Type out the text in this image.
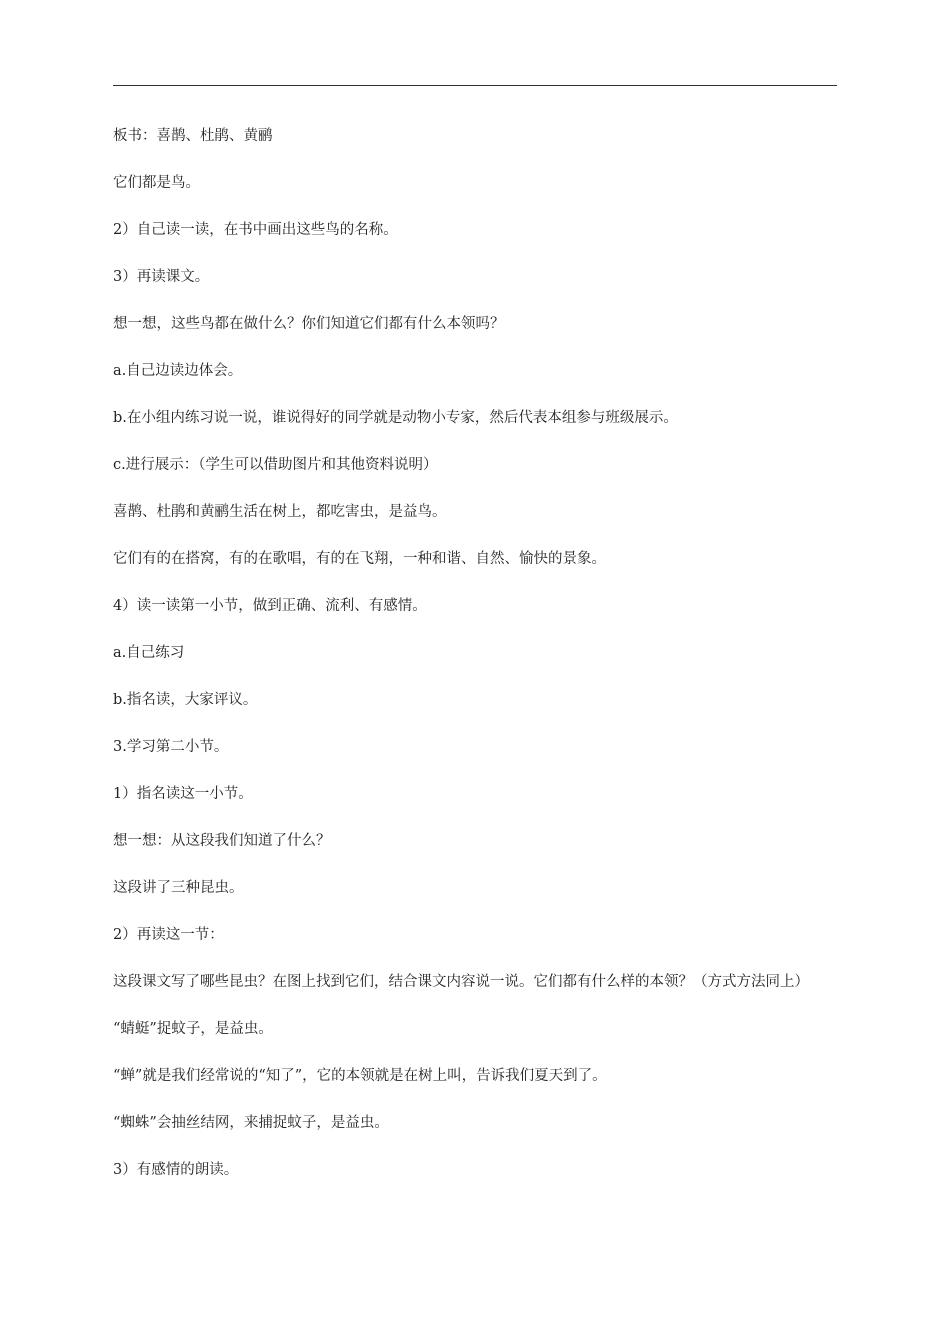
板书：喜鹊、杜鹃、黄鹂

它们都是鸟。

2）自己读一读，在书中画出这些鸟的名称。

3）再读课文。

想一想，这些鸟都在做什么？你们知道它们都有什么本领吗？

a.自己边读边体会。

b.在小组内练习说一说，谁说得好的同学就是动物小专家，然后代表本组参与班级展示。

c.进行展示：（学生可以借助图片和其他资料说明）

喜鹊、杜鹃和黄鹂生活在树上，都吃害虫，是益鸟。

它们有的在搭窝，有的在歌唱，有的在飞翔，一种和谐、自然、愉快的景象。

4）读一读第一小节，做到正确、流利、有感情。

a.自己练习

b.指名读，大家评议。

3.学习第二小节。

1）指名读这一小节。

想一想：从这段我们知道了什么？

这段讲了三种昆虫。

2）再读这一节：

这段课文写了哪些昆虫？在图上找到它们，结合课文内容说一说。它们都有什么样的本领？（方式方法同上）

“蜻蜓”捉蚊子，是益虫。

“蝉”就是我们经常说的“知了”，它的本领就是在树上叫，告诉我们夏天到了。

“蜘蛛”会抽丝结网，来捕捉蚊子，是益虫。

3）有感情的朗读。
